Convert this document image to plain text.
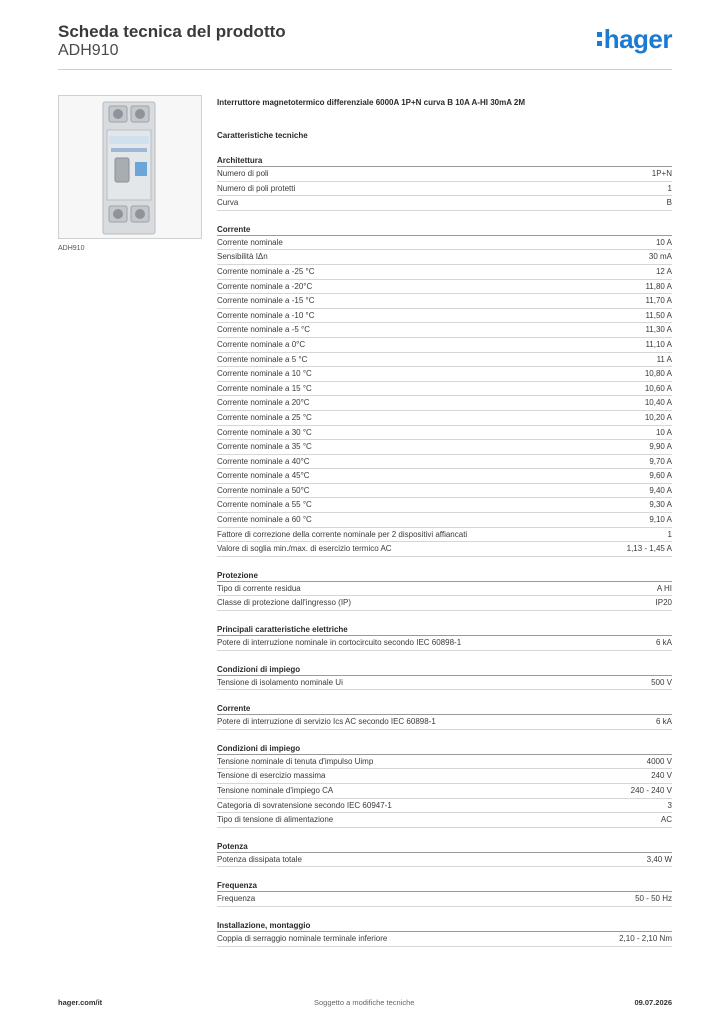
Scheda tecnica del prodotto
ADH910	hager
ADH910
Interruttore magnetotermico differenziale 6000A 1P+N curva B 10A A-HI 30mA 2M
Caratteristiche tecniche
Architettura
Numero di poli	1P+N
Numero di poli protetti	1
Curva	B
Corrente
Corrente nominale	10 A
Sensibilità IΔn	30 mA
Corrente nominale a -25 °C	12 A
Corrente nominale a -20°C	11,80 A
Corrente nominale a -15 °C	11,70 A
Corrente nominale a -10 °C	11,50 A
Corrente nominale a -5 °C	11,30 A
Corrente nominale a 0°C	11,10 A
Corrente nominale a 5 °C	11 A
Corrente nominale a 10 °C	10,80 A
Corrente nominale a 15 °C	10,60 A
Corrente nominale a 20°C	10,40 A
Corrente nominale a 25 °C	10,20 A
Corrente nominale a 30 °C	10 A
Corrente nominale a 35 °C	9,90 A
Corrente nominale a 40°C	9,70 A
Corrente nominale a 45°C	9,60 A
Corrente nominale a 50°C	9,40 A
Corrente nominale a 55 °C	9,30 A
Corrente nominale a 60 °C	9,10 A
Fattore di correzione della corrente nominale per 2 dispositivi affiancati	1
Valore di soglia min./max. di esercizio termico AC	1,13 - 1,45 A
Protezione
Tipo di corrente residua	A HI
Classe di protezione dall'ingresso (IP)	IP20
Principali caratteristiche elettriche
Potere di interruzione nominale in cortocircuito secondo IEC 60898-1	6 kA
Condizioni di impiego
Tensione di isolamento nominale Ui	500 V
Corrente
Potere di interruzione di servizio Ics AC secondo IEC 60898-1	6 kA
Condizioni di impiego
Tensione nominale di tenuta d'impulso Uimp	4000 V
Tensione di esercizio massima	240 V
Tensione nominale d'impiego CA	240 - 240 V
Categoria di sovratensione secondo IEC 60947-1	3
Tipo di tensione di alimentazione	AC
Potenza
Potenza dissipata totale	3,40 W
Frequenza
Frequenza	50 - 50 Hz
Installazione, montaggio
Coppia di serraggio nominale terminale inferiore	2,10 - 2,10 Nm
hager.com/it	Soggetto a modifiche tecniche	09.07.2026
